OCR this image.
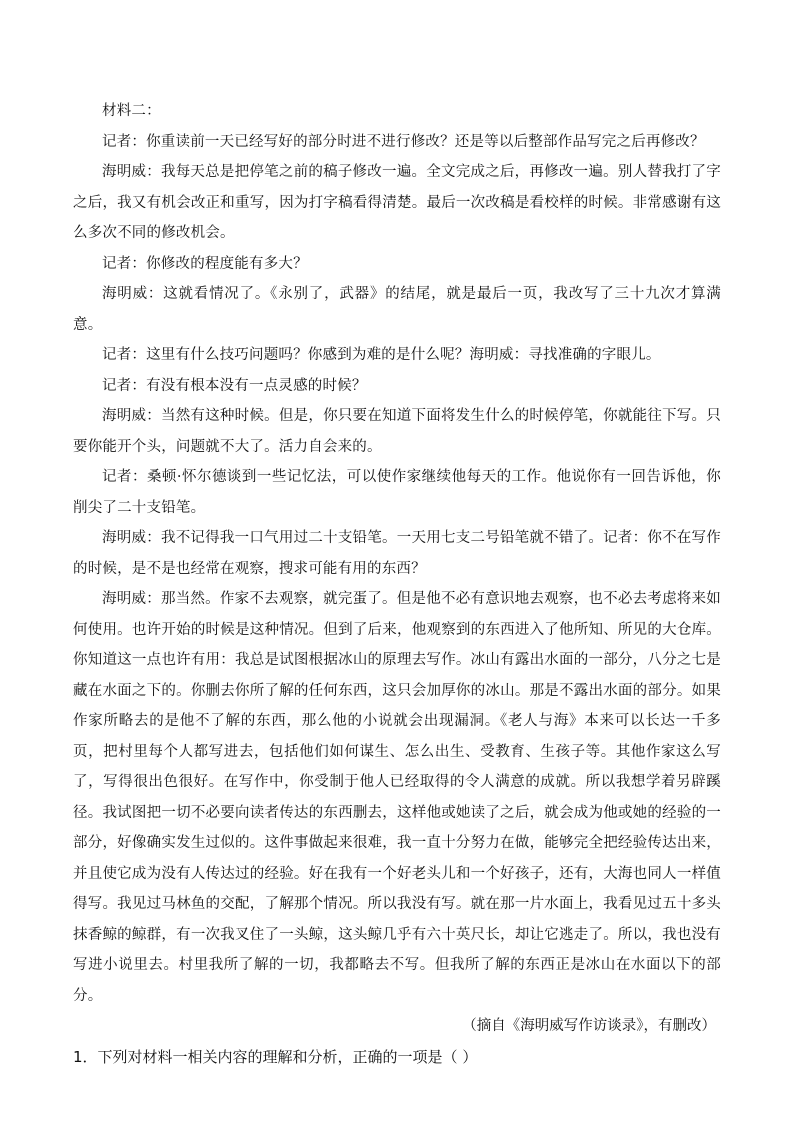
材料二：

记者：你重读前一天已经写好的部分时进不进行修改？还是等以后整部作品写完之后再修改？

海明威：我每天总是把停笔之前的稿子修改一遍。全文完成之后，再修改一遍。别人替我打了字之后，我又有机会改正和重写，因为打字稿看得清楚。最后一次改稿是看校样的时候。非常感谢有这么多次不同的修改机会。

记者：你修改的程度能有多大？

海明威：这就看情况了。《永别了，武器》的结尾，就是最后一页，我改写了三十九次才算满意。

记者：这里有什么技巧问题吗？你感到为难的是什么呢？海明威：寻找准确的字眼儿。

记者：有没有根本没有一点灵感的时候？

海明威：当然有这种时候。但是，你只要在知道下面将发生什么的时候停笔，你就能往下写。只要你能开个头，问题就不大了。活力自会来的。

记者：桑顿·怀尔德谈到一些记忆法，可以使作家继续他每天的工作。他说你有一回告诉他，你削尖了二十支铅笔。

海明威：我不记得我一口气用过二十支铅笔。一天用七支二号铅笔就不错了。记者：你不在写作的时候，是不是也经常在观察，搜求可能有用的东西？

海明威：那当然。作家不去观察，就完蛋了。但是他不必有意识地去观察，也不必去考虑将来如何使用。也许开始的时候是这种情况。但到了后来，他观察到的东西进入了他所知、所见的大仓库。你知道这一点也许有用：我总是试图根据冰山的原理去写作。冰山有露出水面的一部分，八分之七是藏在水面之下的。你删去你所了解的任何东西，这只会加厚你的冰山。那是不露出水面的部分。如果作家所略去的是他不了解的东西，那么他的小说就会出现漏洞。《老人与海》本来可以长达一千多页，把村里每个人都写进去，包括他们如何谋生、怎么出生、受教育、生孩子等。其他作家这么写了，写得很出色很好。在写作中，你受制于他人已经取得的令人满意的成就。所以我想学着另辟蹊径。我试图把一切不必要向读者传达的东西删去，这样他或她读了之后，就会成为他或她的经验的一部分，好像确实发生过似的。这件事做起来很难，我一直十分努力在做，能够完全把经验传达出来，并且使它成为没有人传达过的经验。好在我有一个好老头儿和一个好孩子，还有，大海也同人一样值得写。我见过马林鱼的交配，了解那个情况。所以我没有写。就在那一片水面上，我看见过五十多头抹香鲸的鲸群，有一次我叉住了一头鲸，这头鲸几乎有六十英尺长，却让它逃走了。所以，我也没有写进小说里去。村里我所了解的一切，我都略去不写。但我所了解的东西正是冰山在水面以下的部分。

（摘自《海明威写作访谈录》，有删改）

1．下列对材料一相关内容的理解和分析，正确的一项是（ ）
